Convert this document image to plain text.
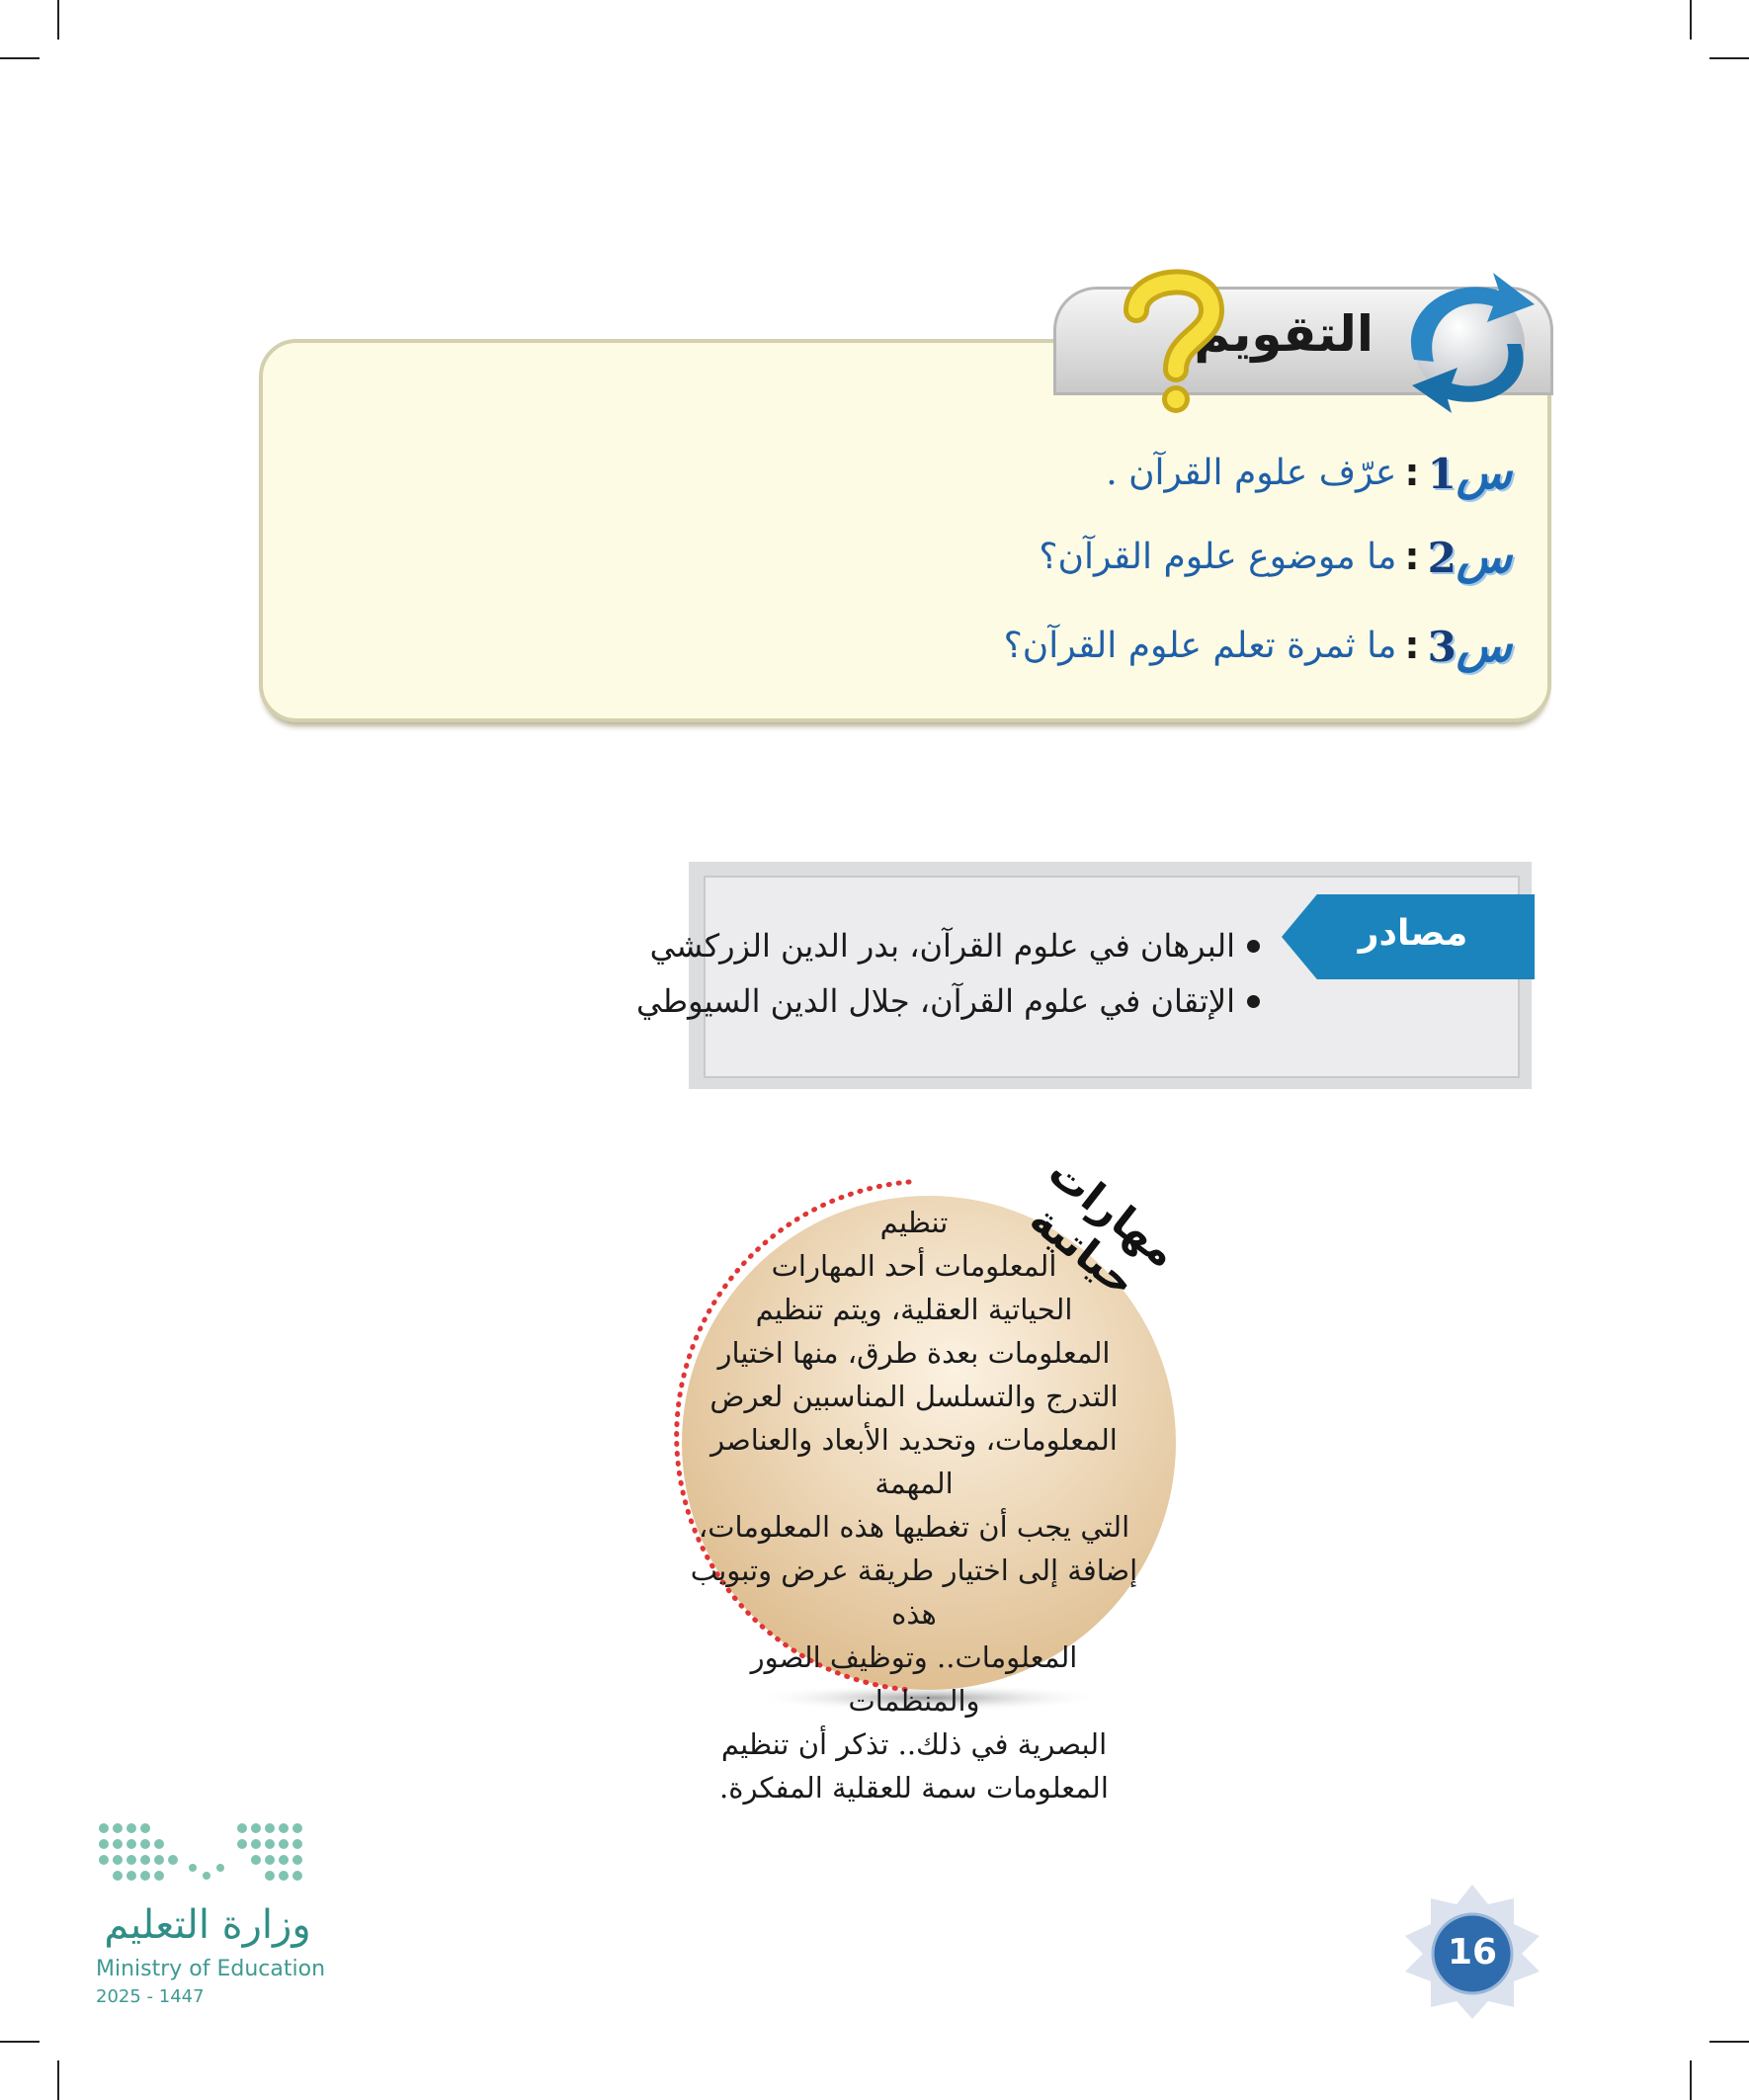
التقويم
س1
:
عرّف علوم القرآن .
س2
:
ما موضوع علوم القرآن؟
س3
:
ما ثمرة تعلم علوم القرآن؟
مصادر
البرهان في علوم القرآن، بدر الدين الزركشي
الإتقان في علوم القرآن، جلال الدين السيوطي
مهارات حياتية
تنظيم
المعلومات أحد المهارات
الحياتية العقلية، ويتم تنظيم
المعلومات بعدة طرق، منها اختيار
التدرج والتسلسل المناسبين لعرض
المعلومات، وتحديد الأبعاد والعناصر المهمة
التي يجب أن تغطيها هذه المعلومات،
إضافة إلى اختيار طريقة عرض وتبويب هذه
المعلومات.. وتوظيف الصور والمنظمات
البصرية في ذلك.. تذكر أن تنظيم
المعلومات سمة للعقلية المفكرة.
وزارة التعليم
Ministry of Education
2025 - 1447
16
